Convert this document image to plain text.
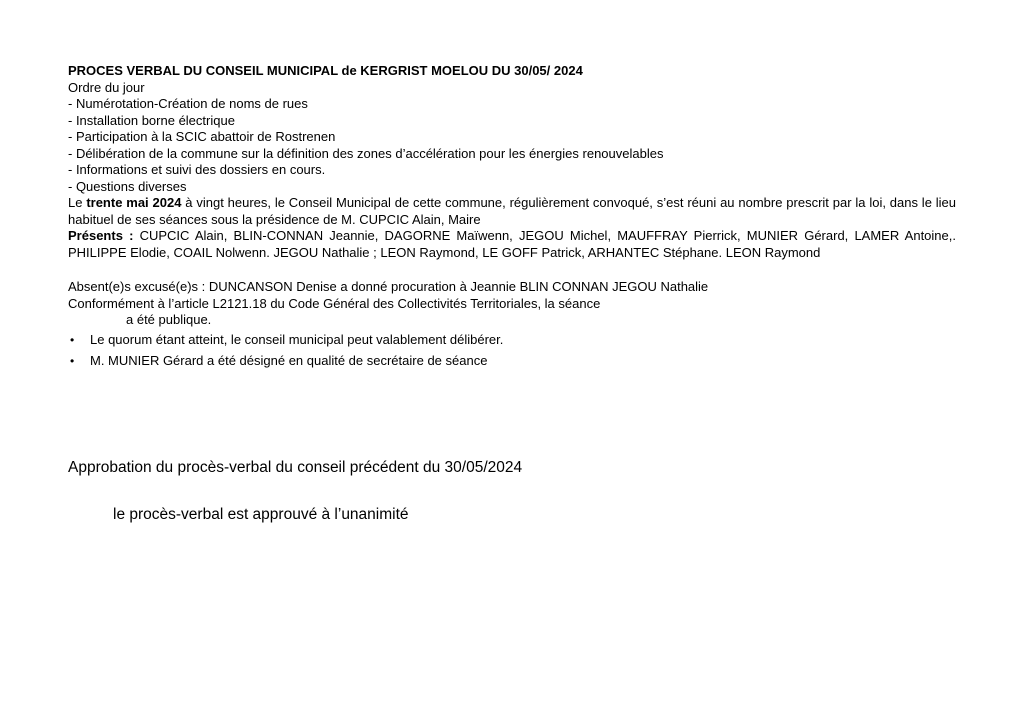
PROCES VERBAL DU CONSEIL MUNICIPAL de KERGRIST MOELOU DU 30/05/ 2024
Ordre du jour
- Numérotation-Création de noms de rues
- Installation borne électrique
- Participation à la SCIC abattoir de Rostrenen
- Délibération de la commune sur la définition des zones d’accélération pour les énergies renouvelables
- Informations et suivi des dossiers en cours.
- Questions diverses
Le trente mai 2024 à vingt heures, le Conseil Municipal de cette commune, régulièrement convoqué, s’est réuni au nombre prescrit par la loi, dans le lieu habituel de ses séances sous la présidence de M. CUPCIC Alain, Maire
Présents : CUPCIC Alain, BLIN-CONNAN Jeannie, DAGORNE Maïwenn, JEGOU Michel, MAUFFRAY Pierrick, MUNIER Gérard, LAMER Antoine,. PHILIPPE Elodie, COAIL Nolwenn. JEGOU Nathalie ; LEON Raymond, LE GOFF Patrick, ARHANTEC Stéphane. LEON Raymond
Absent(e)s excusé(e)s : DUNCANSON Denise a donné procuration à Jeannie BLIN CONNAN JEGOU Nathalie
Conformément à l’article L2121.18 du Code Général des Collectivités Territoriales, la séance
a été publique.
• Le quorum étant atteint, le conseil municipal peut valablement délibérer.
• M. MUNIER Gérard a été désigné en qualité de secrétaire de séance
Approbation du procès-verbal du conseil précédent du 30/05/2024
le procès-verbal est approuvé à l’unanimité
